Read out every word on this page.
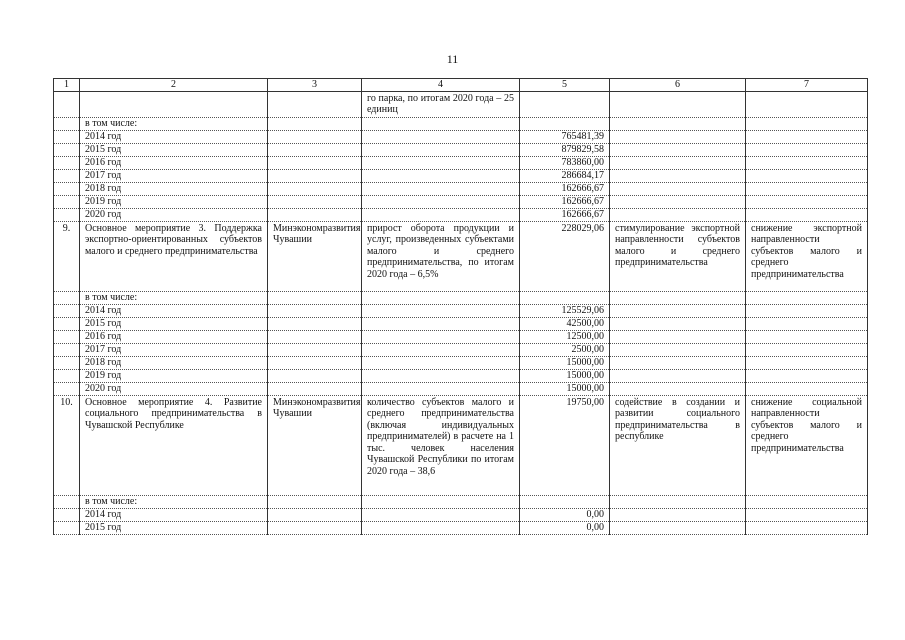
11
1	2	3	4	5	6	7
			го парка, по итогам 2020 года – 25 единиц			
	в том числе:					
	2014 год			765481,39		
	2015 год			879829,58		
	2016 год			783860,00		
	2017 год			286684,17		
	2018 год			162666,67		
	2019 год			162666,67		
	2020 год			162666,67		
9.	Основное мероприятие 3. Поддержка экспортно-ориентированных субъектов малого и среднего предпринимательства	Минэкономразвития Чувашии	прирост оборота продукции и услуг, произведенных субъектами малого и среднего предпринимательства, по итогам 2020 года – 6,5%	228029,06	стимулирование экспортной направленности субъектов малого и среднего предпринимательства	снижение экспортной направленности субъектов малого и среднего предпринимательства
	в том числе:					
	2014 год			125529,06		
	2015 год			42500,00		
	2016 год			12500,00		
	2017 год			2500,00		
	2018 год			15000,00		
	2019 год			15000,00		
	2020 год			15000,00		
10.	Основное мероприятие 4. Развитие социального предпринимательства в Чувашской Республике	Минэкономразвития Чувашии	количество субъектов малого и среднего предпринимательства (включая индивидуальных предпринимателей) в расчете на 1 тыс. человек населения Чувашской Республики по итогам 2020 года – 38,6	19750,00	содействие в создании и развитии социального предпринимательства в республике	снижение социальной направленности субъектов малого и среднего предпринимательства
	в том числе:					
	2014 год			0,00		
	2015 год			0,00		
